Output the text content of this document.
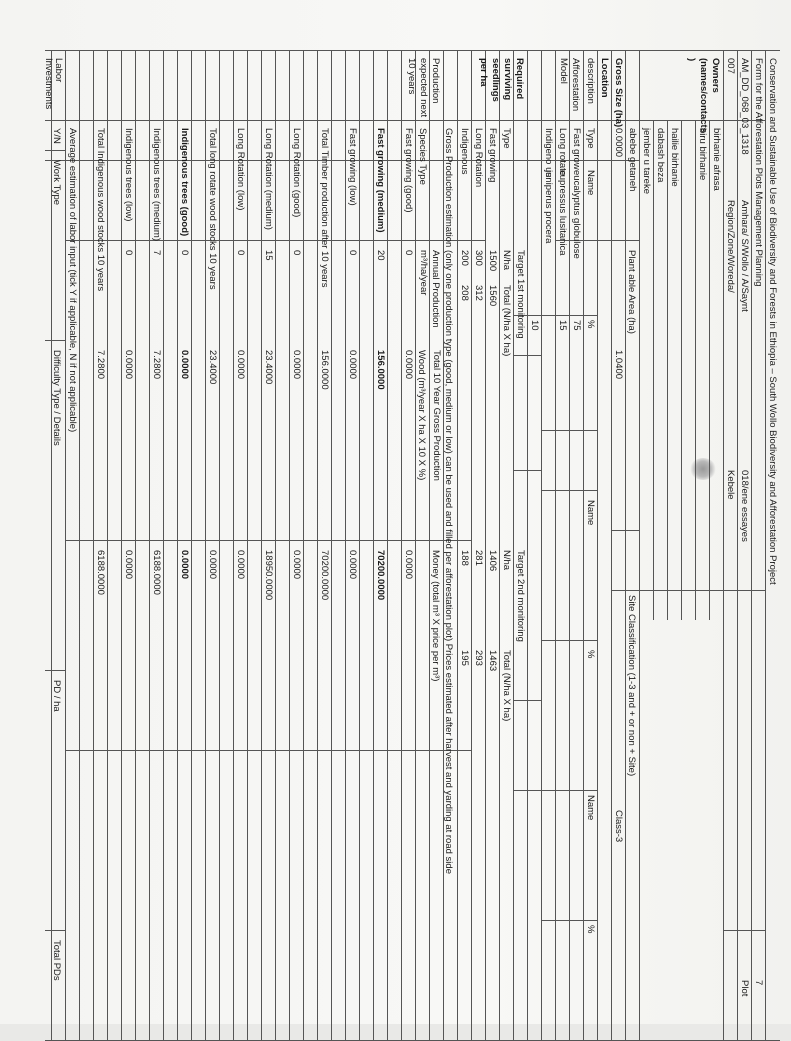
Conservation and Sustainable Use of Biodiversity and Forests in Ethiopia – South Wollo Biodiversity and Afforestation Project
Form for the Afforestation Plots Management Planning
7
AM_DD_068_03_1318
Amhara/ S/Wollo / A/Saynt
018/ene essayes
Plot
007
Region/Zone/Woreda/
Kebele
Owners (names/contacts )
birhanie afrasa
biru birhanie
hailie birhanie
dabash beza
jember u tareke
abebe getaneh
Gross Size (ha)
0.0000
Plant able Area (ha)
1.0400
Site Classification (1-3 and + or non + Site)
Class-3
Location
description
Afforestation Model
Type
Name
%
Name
%
Name
%
Fast grow
eucalyptus globulose
75
Long rotate
cupressus lusitanica
15
Indigeno us
juniperus procera
10
Required surviving seedlings per ha
Type
Target 1st monitoring
N/ha
Total (N/ha X ha)
Target 2nd monitoring
N/ha
Total (N/ha X ha)
Fast growing
1500
1560
1406
1463
Long Rotation
300
312
281
293
Indigenous
200
208
188
195
Production expected next 10 years
Gross Production estimation (only one production type (good, medium or low) can be used and filled per afforestation plot) Prices estimated after harvest and yarding at road side
Species Type
Annual Production m³/ha/year
Total 10 Year Gross Production
Wood (m³/year X ha X 10 X %)
Money (total m³ X price per m³)
Fast growing (good)
0
0.0000
0.0000
Fast growing (medium)
20
156.0000
70200.0000
Fast growing (low)
0
0.0000
0.0000
Total Timber production after 10 years
156.0000
70200.0000
Long Rotation (good)
0
0.0000
0.0000
Long Rotation (medium)
15
23.4000
18950.0000
Long Rotation (low)
0
0.0000
0.0000
Total long rotate wood stocks 10 years
23.4000
0.0000
Indigenous trees (good)
0
0.0000
0.0000
Indigenous trees (medium)
7
7.2800
6188.0000
Indigenous trees (low)
0
0.0000
0.0000
Total Indigenous wood stocks 10 years
7.2800
6188.0000
Labor Investments
Average estimation of labor input (tick Y if applicable, N if not applicable)
Y/N
Work Type
Difficulty Type / Details
PD / ha
Total PDs
